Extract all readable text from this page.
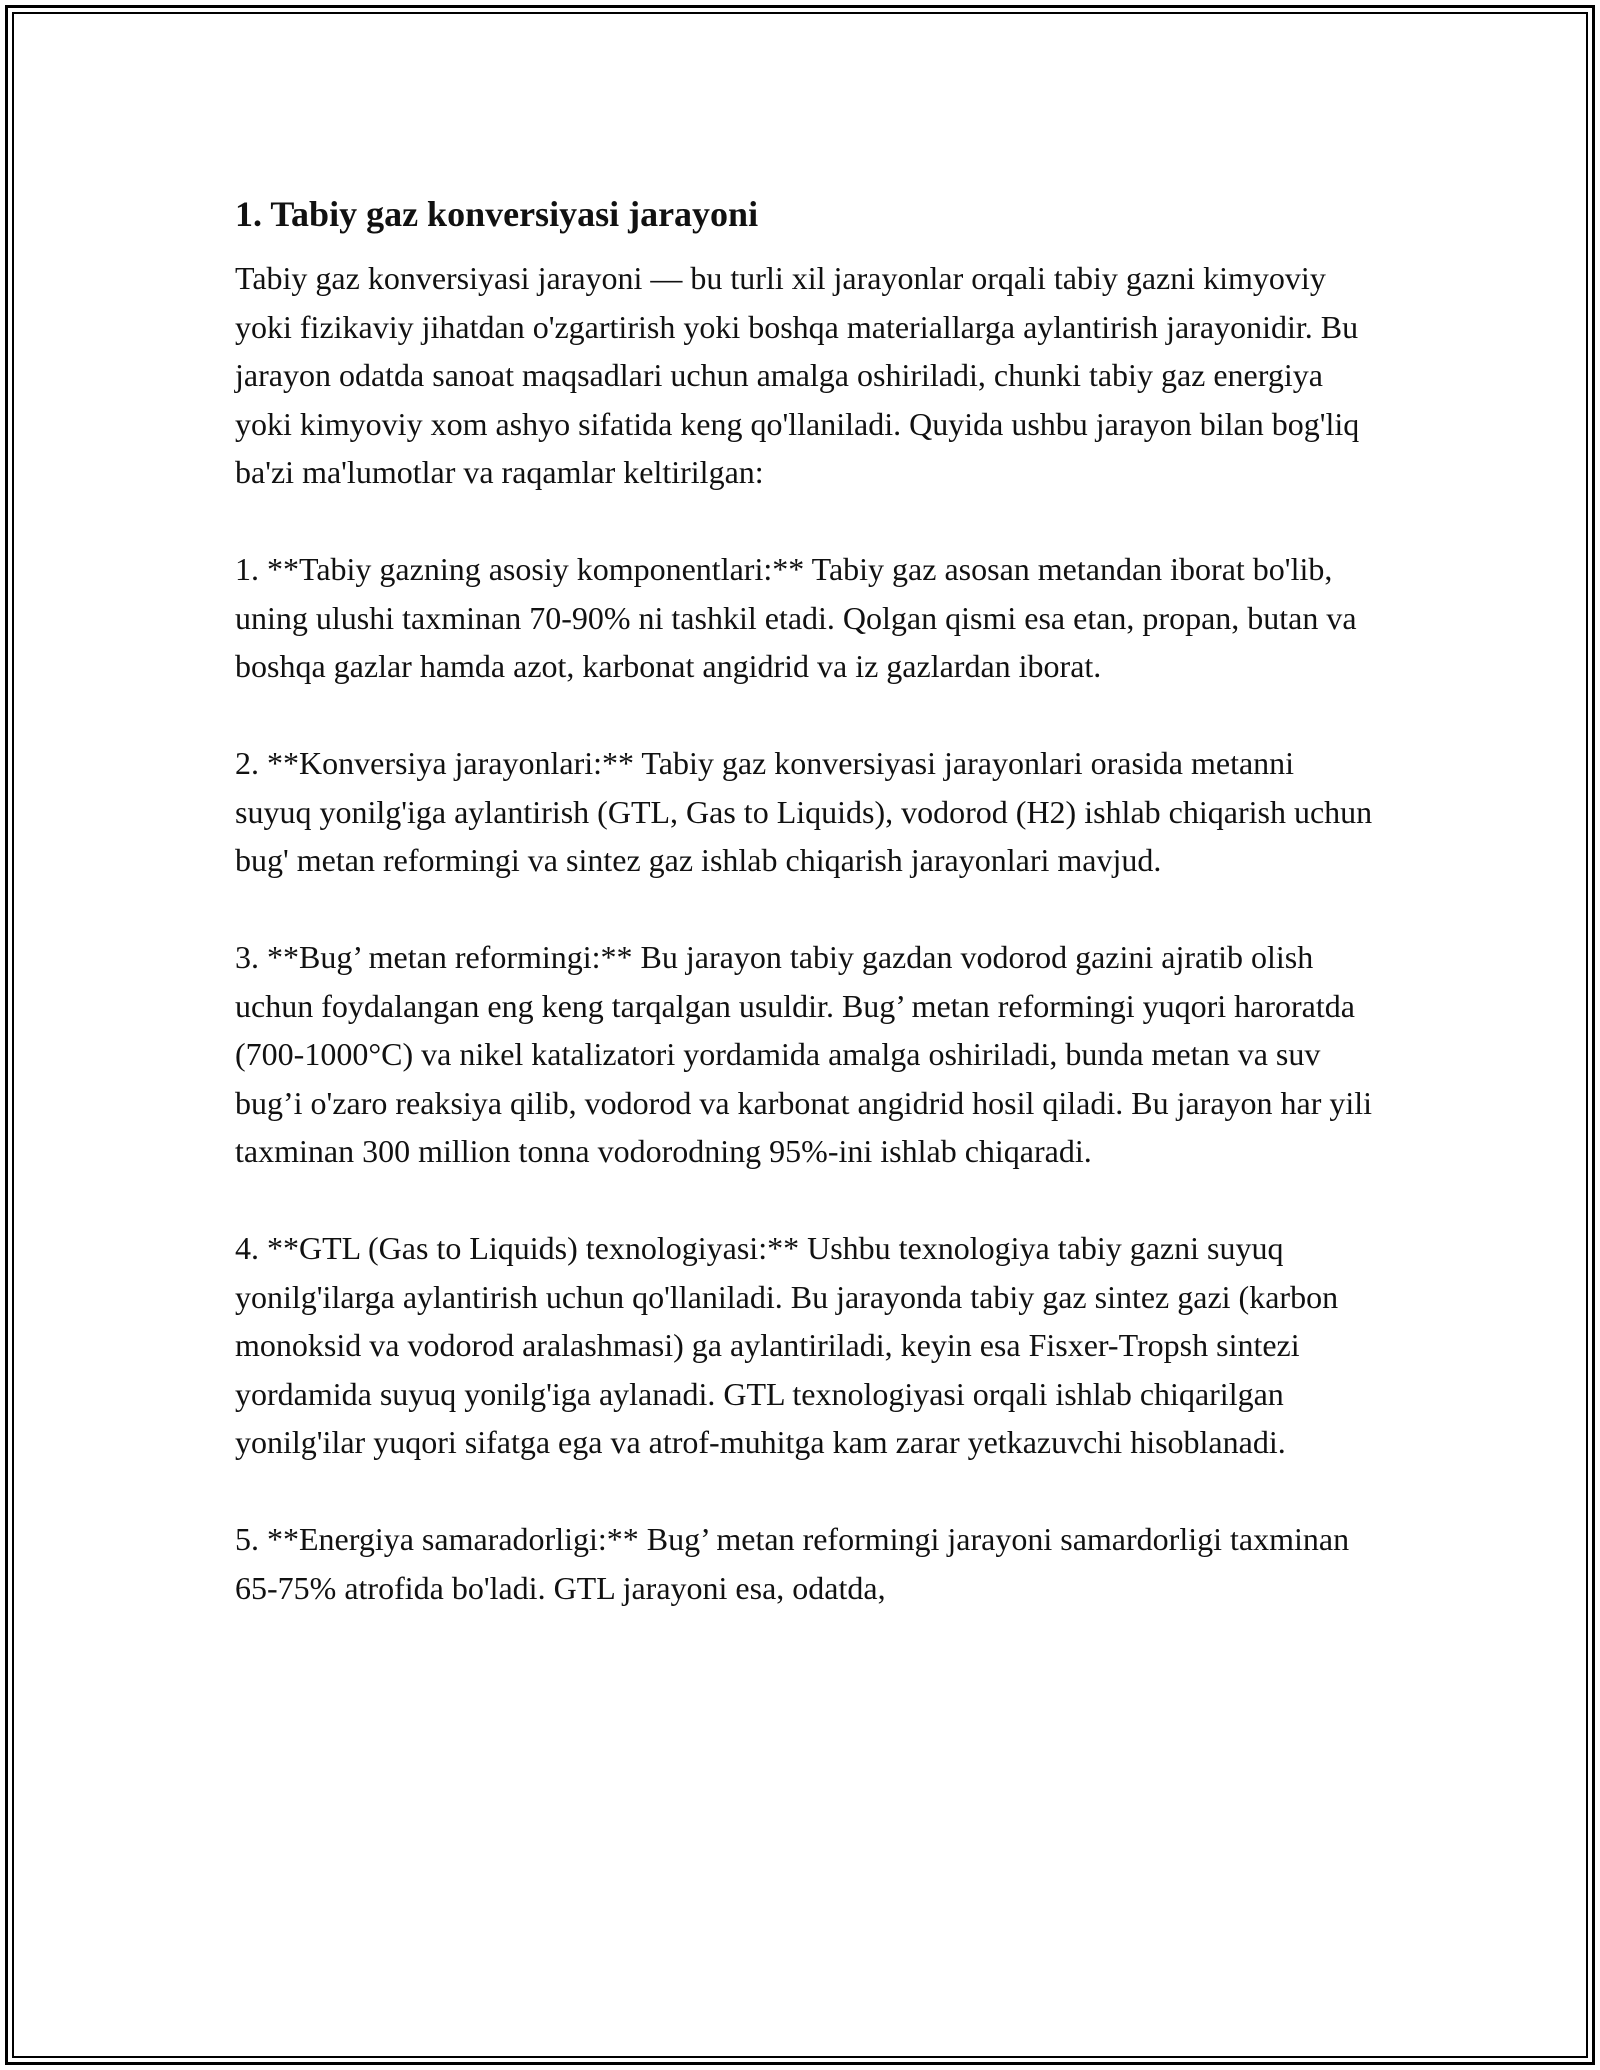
1. Tabiy gaz konversiyasi jarayoni

Tabiy gaz konversiyasi jarayoni — bu turli xil jarayonlar orqali tabiy gazni kimyoviy yoki fizikaviy jihatdan o'zgartirish yoki boshqa materiallarga aylantirish jarayonidir. Bu jarayon odatda sanoat maqsadlari uchun amalga oshiriladi, chunki tabiy gaz energiya yoki kimyoviy xom ashyo sifatida keng qo'llaniladi. Quyida ushbu jarayon bilan bog'liq ba'zi ma'lumotlar va raqamlar keltirilgan:

1. **Tabiy gazning asosiy komponentlari:** Tabiy gaz asosan metandan iborat bo'lib, uning ulushi taxminan 70-90% ni tashkil etadi. Qolgan qismi esa etan, propan, butan va boshqa gazlar hamda azot, karbonat angidrid va iz gazlardan iborat.

2. **Konversiya jarayonlari:** Tabiy gaz konversiyasi jarayonlari orasida metanni suyuq yonilg'iga aylantirish (GTL, Gas to Liquids), vodorod (H2) ishlab chiqarish uchun bug' metan reformingi va sintez gaz ishlab chiqarish jarayonlari mavjud.

3. **Bug’ metan reformingi:** Bu jarayon tabiy gazdan vodorod gazini ajratib olish uchun foydalangan eng keng tarqalgan usuldir. Bug’ metan reformingi yuqori haroratda (700-1000°C) va nikel katalizatori yordamida amalga oshiriladi, bunda metan va suv bug’i o'zaro reaksiya qilib, vodorod va karbonat angidrid hosil qiladi. Bu jarayon har yili taxminan 300 million tonna vodorodning 95%-ini ishlab chiqaradi.

4. **GTL (Gas to Liquids) texnologiyasi:** Ushbu texnologiya tabiy gazni suyuq yonilg'ilarga aylantirish uchun qo'llaniladi. Bu jarayonda tabiy gaz sintez gazi (karbon monoksid va vodorod aralashmasi) ga aylantiriladi, keyin esa Fisxer-Tropsh sintezi yordamida suyuq yonilg'iga aylanadi. GTL texnologiyasi orqali ishlab chiqarilgan yonilg'ilar yuqori sifatga ega va atrof-muhitga kam zarar yetkazuvchi hisoblanadi.

5. **Energiya samaradorligi:** Bug’ metan reformingi jarayoni samardorligi taxminan 65-75% atrofida bo'ladi. GTL jarayoni esa, odatda,
